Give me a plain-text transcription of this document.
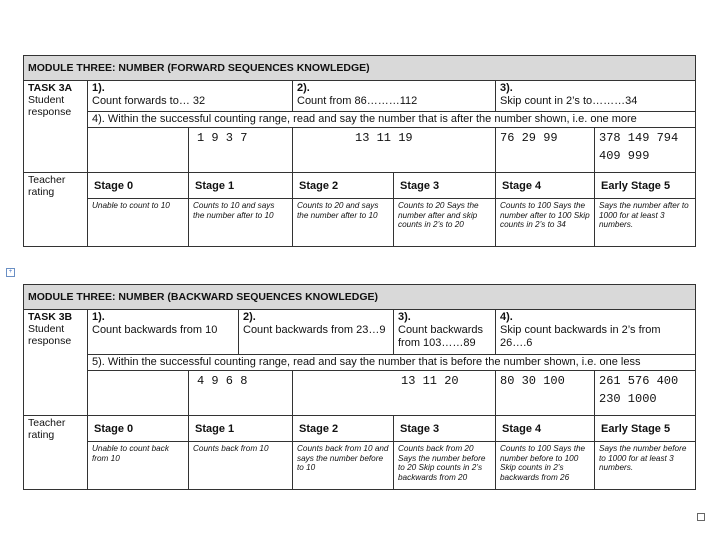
MODULE THREE: NUMBER (FORWARD SEQUENCES KNOWLEDGE)						
TASK 3A
Student
response	1).
Count forwards to… 32		2).
Count from 86………112		3).
Skip count in 2’s to………34	
	4). Within the successful counting range, read and say the number that is after the number shown, i.e. one more					
		1 9 3 7	13 11 19		76 29 99	378 149 794 409 999
Teacher rating	Stage 0	Stage 1	Stage 2	Stage 3	Stage 4	Early Stage 5
	Unable to count to 10	Counts to 10 and says the number after to 10	Counts to 20 and says the number after to 10	Counts to 20 Says the number after and skip counts in 2’s to 20	Counts to 100 Says the number after to 100 Skip counts in 2’s to 34	Says the number after to 1000 for at least 3 numbers.
+
MODULE THREE: NUMBER (BACKWARD SEQUENCES KNOWLEDGE)							
TASK 3B
Student
response	1).
Count backwards from 10		2).
Count backwards from 23…9		3).
Count backwards from 103……89	4).
Skip count backwards in 2’s from 26….6	
	5). Within the successful counting range, read and say the number that is before the number shown, i.e. one less						
		4 9 6 8		13 11 20		80 30 100	261 576 400 230 1000
Teacher rating	Stage 0	Stage 1		Stage 2	Stage 3	Stage 4	Early Stage 5
	Unable to count back from 10	Counts back from 10		Counts back from 10 and says the number before to 10	Counts back from 20 Says the number before to 20 Skip counts in 2’s backwards from 20	Counts to 100 Says the number before to 100 Skip counts in 2’s backwards from 26	Says the number before to 1000 for at least 3 numbers.
